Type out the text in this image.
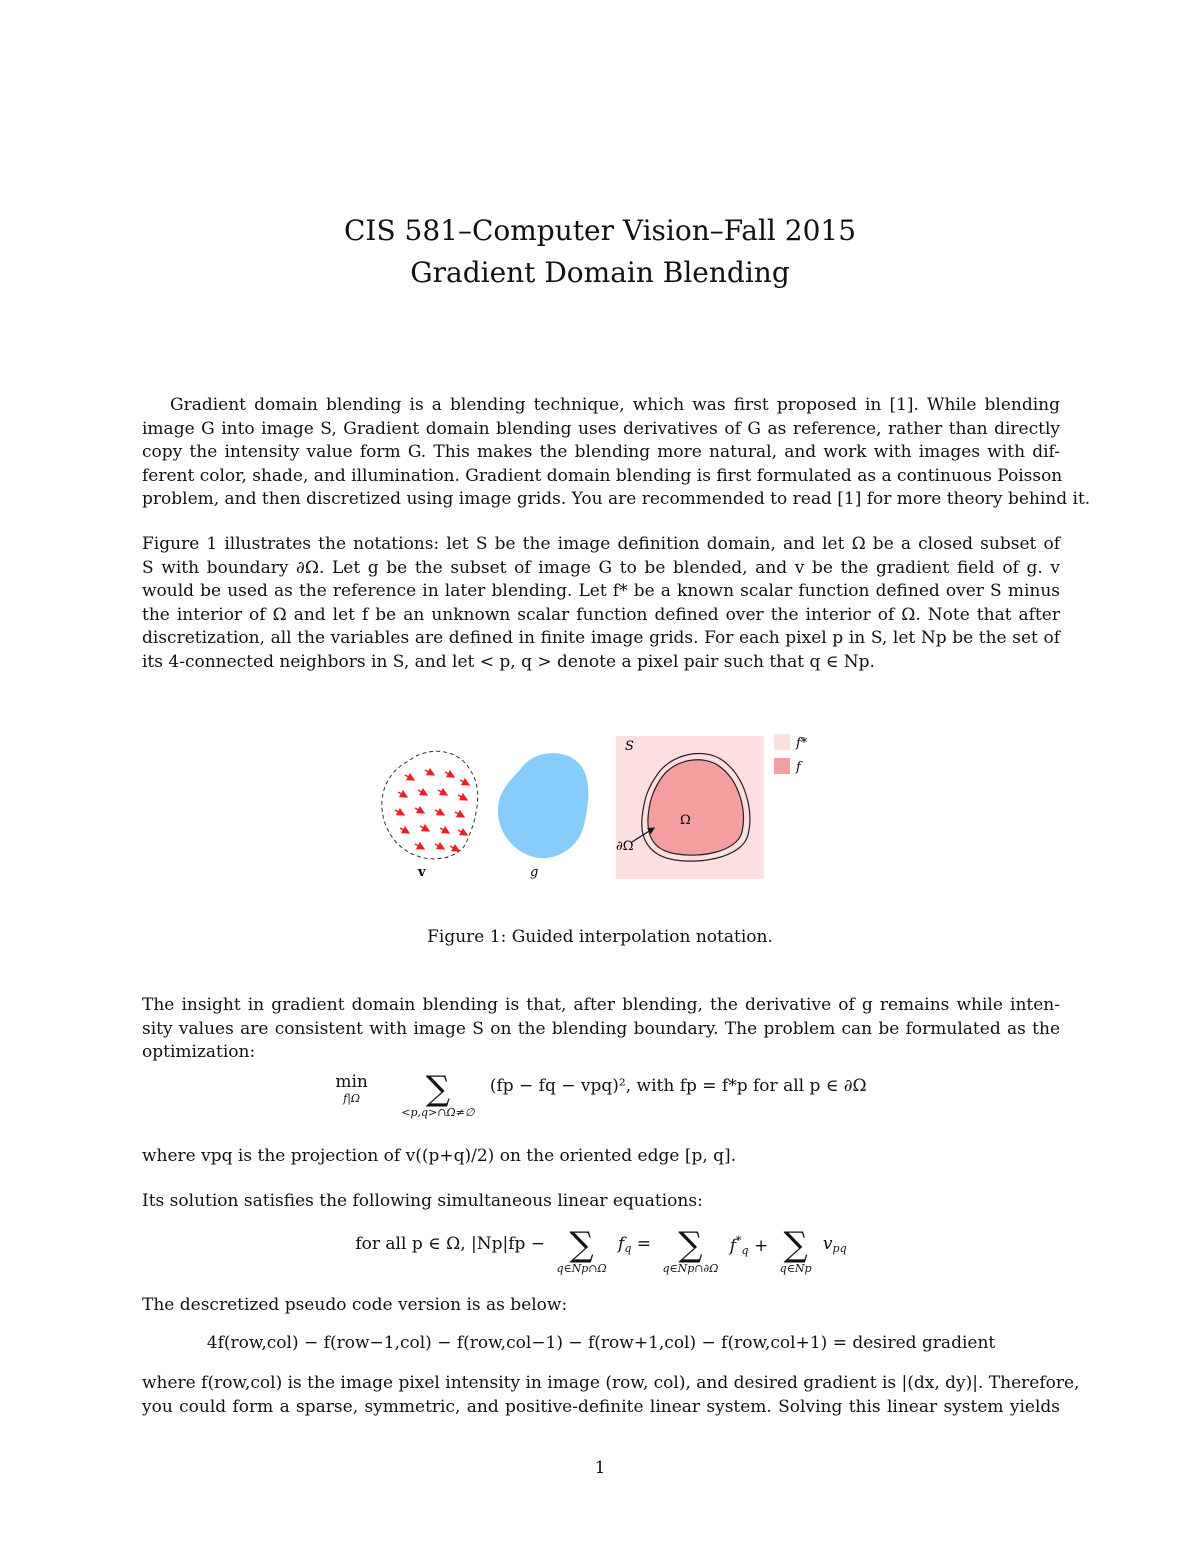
CIS 581–Computer Vision–Fall 2015
Gradient Domain Blending
Gradient domain blending is a blending technique, which was first proposed in [1]. While blending
image G into image S, Gradient domain blending uses derivatives of G as reference, rather than directly
copy the intensity value form G. This makes the blending more natural, and work with images with dif-
ferent color, shade, and illumination. Gradient domain blending is first formulated as a continuous Poisson
problem, and then discretized using image grids. You are recommended to read [1] for more theory behind it.
Figure 1 illustrates the notations: let S be the image definition domain, and let Ω be a closed subset of
S with boundary ∂Ω. Let g be the subset of image G to be blended, and v be the gradient field of g. v
would be used as the reference in later blending. Let f* be a known scalar function defined over S minus
the interior of Ω and let f be an unknown scalar function defined over the interior of Ω. Note that after
discretization, all the variables are defined in finite image grids. For each pixel p in S, let Np be the set of
its 4-connected neighbors in S, and let < p, q > denote a pixel pair such that q ∈ Np.
v	g
S
Ω
∂Ω
f*
f
Figure 1: Guided interpolation notation.
The insight in gradient domain blending is that, after blending, the derivative of g remains while inten-
sity values are consistent with image S on the blending boundary. The problem can be formulated as the
optimization:
min
f|Ω ∑
<p,q>∩Ω≠∅
(fp − fq − vpq)², with fp = f*p for all p ∈ ∂Ω
where vpq is the projection of v((p+q)/2) on the oriented edge [p, q].
Its solution satisfies the following simultaneous linear equations:
for all p ∈ Ω, |Np|fp − ∑
q∈Np∩Ω
$f_q$ = ∑
q∈Np∩∂Ω
$f^*_q$ + ∑
q∈Np
$v_{pq}$
The descretized pseudo code version is as below:
4f(row,col) − f(row−1,col) − f(row,col−1) − f(row+1,col) − f(row,col+1) = desired gradient
where f(row,col) is the image pixel intensity in image (row, col), and desired gradient is |(dx, dy)|. Therefore,
you could form a sparse, symmetric, and positive-definite linear system. Solving this linear system yields
1
